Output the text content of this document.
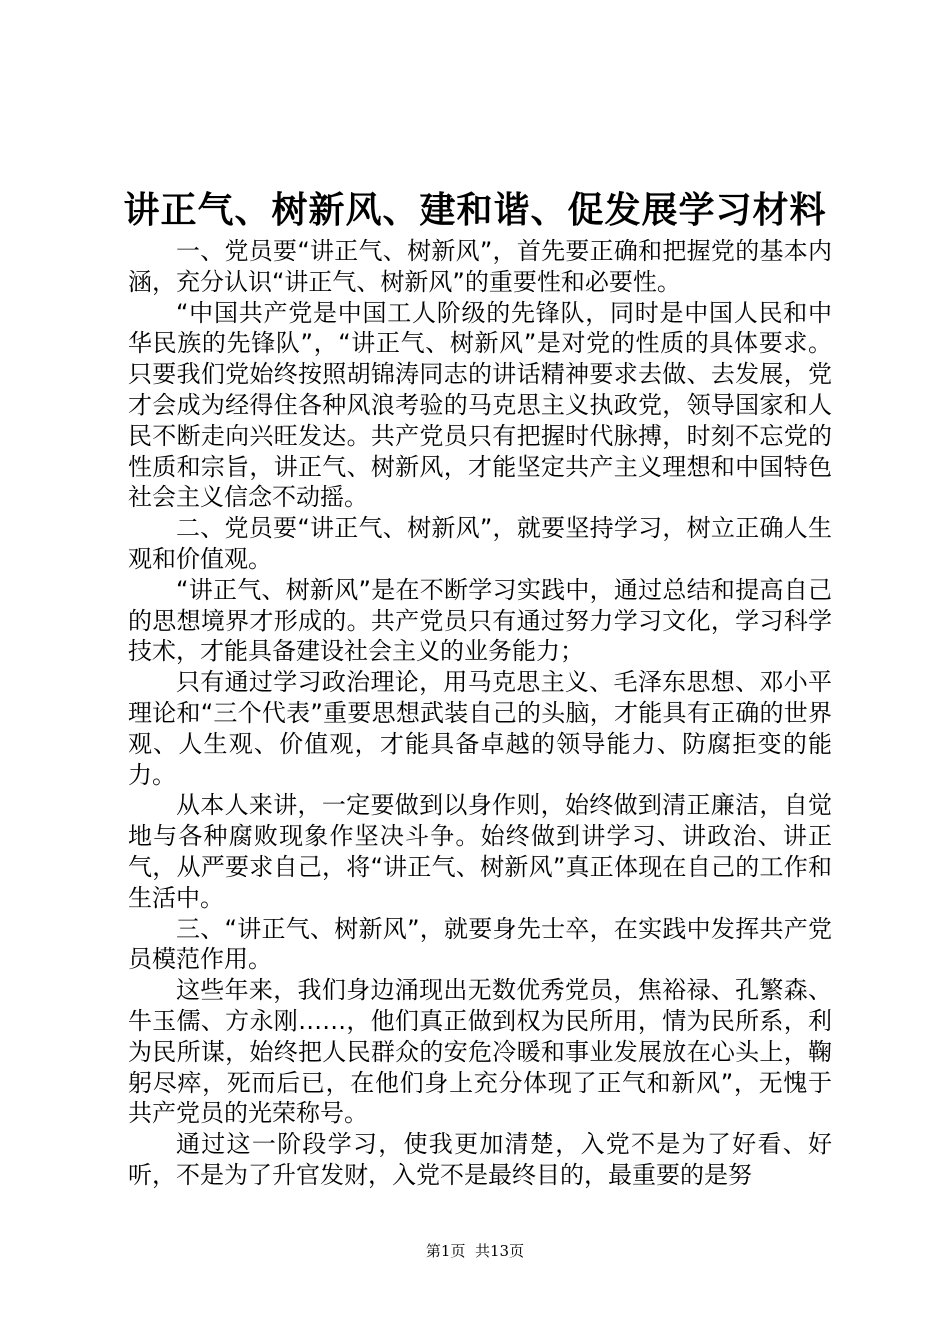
讲正气、树新风、建和谐、促发展学习材料

一、党员要“讲正气、树新风”，首先要正确和把握党的基本内涵，充分认识“讲正气、树新风”的重要性和必要性。

“中国共产党是中国工人阶级的先锋队，同时是中国人民和中华民族的先锋队”，“讲正气、树新风”是对党的性质的具体要求。只要我们党始终按照胡锦涛同志的讲话精神要求去做、去发展，党才会成为经得住各种风浪考验的马克思主义执政党，领导国家和人民不断走向兴旺发达。共产党员只有把握时代脉搏，时刻不忘党的性质和宗旨，讲正气、树新风，才能坚定共产主义理想和中国特色社会主义信念不动摇。

二、党员要“讲正气、树新风”，就要坚持学习，树立正确人生观和价值观。

“讲正气、树新风”是在不断学习实践中，通过总结和提高自己的思想境界才形成的。共产党员只有通过努力学习文化，学习科学技术，才能具备建设社会主义的业务能力；

只有通过学习政治理论，用马克思主义、毛泽东思想、邓小平理论和“三个代表”重要思想武装自己的头脑，才能具有正确的世界观、人生观、价值观，才能具备卓越的领导能力、防腐拒变的能力。

从本人来讲，一定要做到以身作则，始终做到清正廉洁，自觉地与各种腐败现象作坚决斗争。始终做到讲学习、讲政治、讲正气，从严要求自己，将“讲正气、树新风”真正体现在自己的工作和生活中。

三、“讲正气、树新风”，就要身先士卒，在实践中发挥共产党员模范作用。

这些年来，我们身边涌现出无数优秀党员，焦裕禄、孔繁森、牛玉儒、方永刚……，他们真正做到权为民所用，情为民所系，利为民所谋，始终把人民群众的安危冷暖和事业发展放在心头上，鞠躬尽瘁，死而后已，在他们身上充分体现了正气和新风”，无愧于共产党员的光荣称号。

通过这一阶段学习，使我更加清楚，入党不是为了好看、好听，不是为了升官发财，入党不是最终目的，最重要的是努

第1页 共13页
